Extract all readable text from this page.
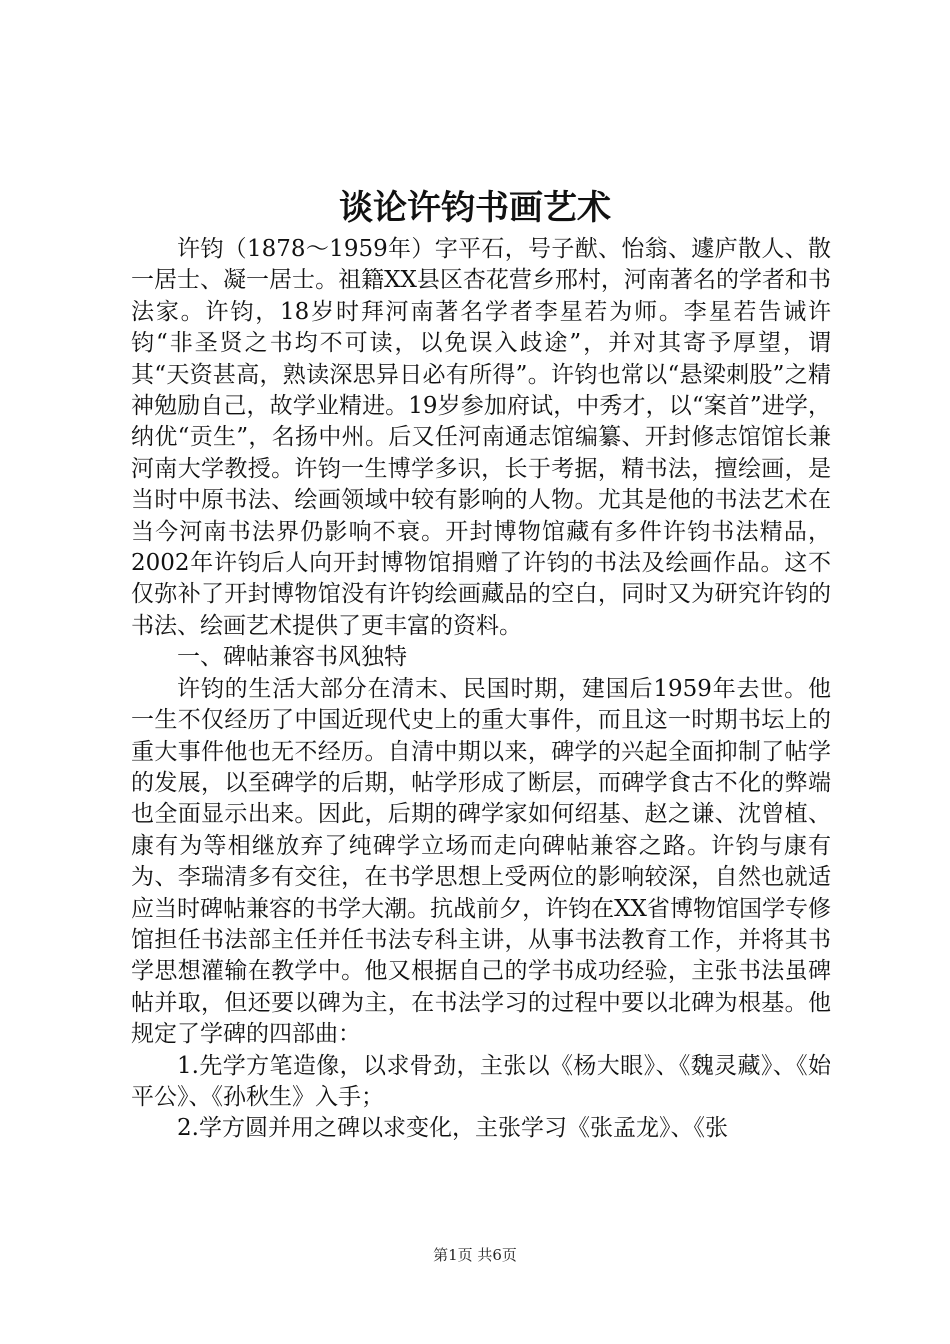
谈论许钧书画艺术

许钧（1878～1959年）字平石，号子猷、怡翁、遽庐散人、散一居士、凝一居士。祖籍XX县区杏花营乡邢村，河南著名的学者和书法家。许钧，18岁时拜河南著名学者李星若为师。李星若告诫许钧“非圣贤之书均不可读，以免误入歧途”，并对其寄予厚望，谓其“天资甚高，熟读深思异日必有所得”。许钧也常以“悬梁刺股”之精神勉励自己，故学业精进。19岁参加府试，中秀才，以“案首”进学，纳优“贡生”，名扬中州。后又任河南通志馆编纂、开封修志馆馆长兼河南大学教授。许钧一生博学多识，长于考据，精书法，擅绘画，是当时中原书法、绘画领域中较有影响的人物。尤其是他的书法艺术在当今河南书法界仍影响不衰。开封博物馆藏有多件许钧书法精品，2002年许钧后人向开封博物馆捐赠了许钧的书法及绘画作品。这不仅弥补了开封博物馆没有许钧绘画藏品的空白，同时又为研究许钧的书法、绘画艺术提供了更丰富的资料。

一、碑帖兼容书风独特

许钧的生活大部分在清末、民国时期，建国后1959年去世。他一生不仅经历了中国近现代史上的重大事件，而且这一时期书坛上的重大事件他也无不经历。自清中期以来，碑学的兴起全面抑制了帖学的发展，以至碑学的后期，帖学形成了断层，而碑学食古不化的弊端也全面显示出来。因此，后期的碑学家如何绍基、赵之谦、沈曾植、康有为等相继放弃了纯碑学立场而走向碑帖兼容之路。许钧与康有为、李瑞清多有交往，在书学思想上受两位的影响较深，自然也就适应当时碑帖兼容的书学大潮。抗战前夕，许钧在XX省博物馆国学专修馆担任书法部主任并任书法专科主讲，从事书法教育工作，并将其书学思想灌输在教学中。他又根据自己的学书成功经验，主张书法虽碑帖并取，但还要以碑为主，在书法学习的过程中要以北碑为根基。他规定了学碑的四部曲：

1.先学方笔造像，以求骨劲，主张以《杨大眼》、《魏灵藏》、《始平公》、《孙秋生》入手；

2.学方圆并用之碑以求变化，主张学习《张孟龙》、《张

第1页 共6页
